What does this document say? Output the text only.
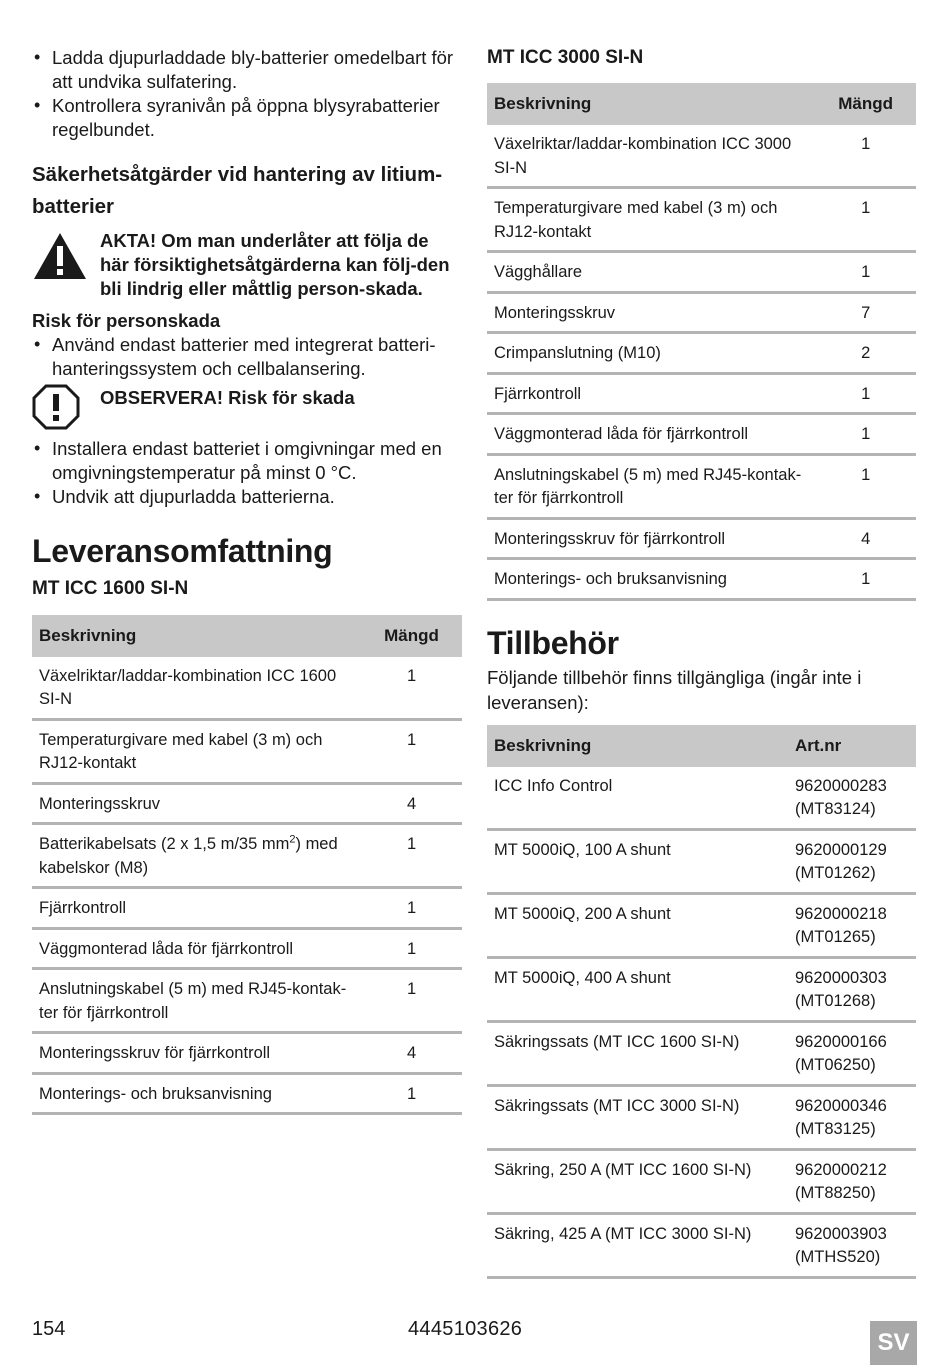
• Ladda djupurladdade bly-batterier omedelbart för att undvika sulfatering.
• Kontrollera syranivån på öppna blysyrabatterier regelbundet.
Säkerhetsåtgärder vid hantering av litium-batterier
AKTA! Om man underlåter att följa de här försiktighetsåtgärderna kan följ-den bli lindrig eller måttlig person-skada.
Risk för personskada
• Använd endast batterier med integrerat batteri-hanteringssystem och cellbalansering.
OBSERVERA! Risk för skada
• Installera endast batteriet i omgivningar med en omgivningstemperatur på minst 0 °C.
• Undvik att djupurladda batterierna.
Leveransomfattning
MT ICC 1600 SI-N
Beskrivning	Mängd
Växelriktar/laddar-kombination ICC 1600 SI-N	1
Temperaturgivare med kabel (3 m) och RJ12-kontakt	1
Monteringsskruv	4
Batterikabelsats (2 x 1,5 m/35 $mm^2$) med kabelskor (M8)	1
Fjärrkontroll	1
Väggmonterad låda för fjärrkontroll	1
Anslutningskabel (5 m) med RJ45-kontak-ter för fjärrkontroll	1
Monteringsskruv för fjärrkontroll	4
Monterings- och bruksanvisning	1
MT ICC 3000 SI-N
Beskrivning	Mängd
Växelriktar/laddar-kombination ICC 3000 SI-N	1
Temperaturgivare med kabel (3 m) och RJ12-kontakt	1
Vägghållare	1
Monteringsskruv	7
Crimpanslutning (M10)	2
Fjärrkontroll	1
Väggmonterad låda för fjärrkontroll	1
Anslutningskabel (5 m) med RJ45-kontak-ter för fjärrkontroll	1
Monteringsskruv för fjärrkontroll	4
Monterings- och bruksanvisning	1
Tillbehör

Följande tillbehör finns tillgängliga (ingår inte i leveransen):

Beskrivning	Art.nr
ICC Info Control	9620000283
(MT83124)

MT 5000iQ, 100 A shunt	9620000129
(MT01262)

MT 5000iQ, 200 A shunt	9620000218
(MT01265)

MT 5000iQ, 400 A shunt	9620000303
(MT01268)

Säkringssats (MT ICC 1600 SI-N)	9620000166
(MT06250)

Säkringssats (MT ICC 3000 SI-N)	9620000346
(MT83125)

Säkring, 250 A (MT ICC 1600 SI-N)	9620000212
(MT88250)

Säkring, 425 A (MT ICC 3000 SI-N)	9620003903
(MTHS520)
154	4445103626	SV
